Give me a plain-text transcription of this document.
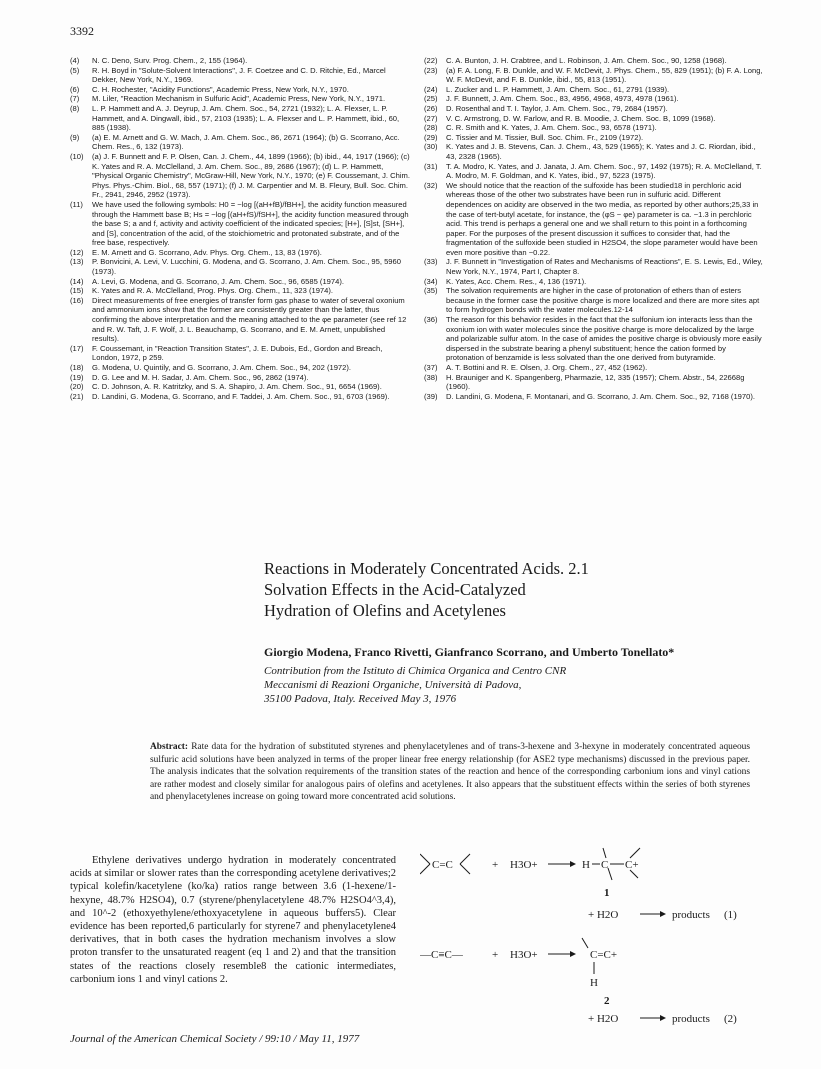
3392
(4)	N. C. Deno, Surv. Prog. Chem., 2, 155 (1964).
(5)	R. H. Boyd in "Solute-Solvent Interactions", J. F. Coetzee and C. D. Ritchie, Ed., Marcel Dekker, New York, N.Y., 1969.
(6)	C. H. Rochester, "Acidity Functions", Academic Press, New York, N.Y., 1970.
(7)	M. Liler, "Reaction Mechanism in Sulfuric Acid", Academic Press, New York, N.Y., 1971.
(8)	L. P. Hammett and A. J. Deyrup, J. Am. Chem. Soc., 54, 2721 (1932); L. A. Flexser, L. P. Hammett, and A. Dingwall, ibid., 57, 2103 (1935); L. A. Flexser and L. P. Hammett, ibid., 60, 885 (1938).
(9)	(a) E. M. Arnett and G. W. Mach, J. Am. Chem. Soc., 86, 2671 (1964); (b) G. Scorrano, Acc. Chem. Res., 6, 132 (1973).
(10)	(a) J. F. Bunnett and F. P. Olsen, Can. J. Chem., 44, 1899 (1966); (b) ibid., 44, 1917 (1966); (c) K. Yates and R. A. McClelland, J. Am. Chem. Soc., 89, 2686 (1967); (d) L. P. Hammett, "Physical Organic Chemistry", McGraw-Hill, New York, N.Y., 1970; (e) F. Coussemant, J. Chim. Phys. Phys.-Chim. Biol., 68, 557 (1971); (f) J. M. Carpentier and M. B. Fleury, Bull. Soc. Chim. Fr., 2941, 2946, 2952 (1973).
(11)	We have used the following symbols: H0 = −log [(aH+fB)/fBH+], the acidity function measured through the Hammett base B; Hs = −log [(aH+fS)/fSH+], the acidity function measured through the base S; a and f, activity and activity coefficient of the indicated species; [H+], [S]st, [SH+], and [S], concentration of the acid, of the stoichiometric and protonated substrate, and of the free base, respectively.
(12)	E. M. Arnett and G. Scorrano, Adv. Phys. Org. Chem., 13, 83 (1976).
(13)	P. Bonvicini, A. Levi, V. Lucchini, G. Modena, and G. Scorrano, J. Am. Chem. Soc., 95, 5960 (1973).
(14)	A. Levi, G. Modena, and G. Scorrano, J. Am. Chem. Soc., 96, 6585 (1974).
(15)	K. Yates and R. A. McClelland, Prog. Phys. Org. Chem., 11, 323 (1974).
(16)	Direct measurements of free energies of transfer form gas phase to water of several oxonium and ammonium ions show that the former are consistently greater than the latter, thus confirming the above interpretation and the meaning attached to the φe parameter (see ref 12 and R. W. Taft, J. F. Wolf, J. L. Beauchamp, G. Scorrano, and E. M. Arnett, unpublished results).
(17)	F. Coussemant, in "Reaction Transition States", J. E. Dubois, Ed., Gordon and Breach, London, 1972, p 259.
(18)	G. Modena, U. Quintily, and G. Scorrano, J. Am. Chem. Soc., 94, 202 (1972).
(19)	D. G. Lee and M. H. Sadar, J. Am. Chem. Soc., 96, 2862 (1974).
(20)	C. D. Johnson, A. R. Katritzky, and S. A. Shapiro, J. Am. Chem. Soc., 91, 6654 (1969).
(21)	D. Landini, G. Modena, G. Scorrano, and F. Taddei, J. Am. Chem. Soc., 91, 6703 (1969).
(22)	C. A. Bunton, J. H. Crabtree, and L. Robinson, J. Am. Chem. Soc., 90, 1258 (1968).
(23)	(a) F. A. Long, F. B. Dunkle, and W. F. McDevit, J. Phys. Chem., 55, 829 (1951); (b) F. A. Long, W. F. McDevit, and F. B. Dunkle, ibid., 55, 813 (1951).
(24)	L. Zucker and L. P. Hammett, J. Am. Chem. Soc., 61, 2791 (1939).
(25)	J. F. Bunnett, J. Am. Chem. Soc., 83, 4956, 4968, 4973, 4978 (1961).
(26)	D. Rosenthal and T. I. Taylor, J. Am. Chem. Soc., 79, 2684 (1957).
(27)	V. C. Armstrong, D. W. Farlow, and R. B. Moodie, J. Chem. Soc. B, 1099 (1968).
(28)	C. R. Smith and K. Yates, J. Am. Chem. Soc., 93, 6578 (1971).
(29)	C. Tissier and M. Tissier, Bull. Soc. Chim. Fr., 2109 (1972).
(30)	K. Yates and J. B. Stevens, Can. J. Chem., 43, 529 (1965); K. Yates and J. C. Riordan, ibid., 43, 2328 (1965).
(31)	T. A. Modro, K. Yates, and J. Janata, J. Am. Chem. Soc., 97, 1492 (1975); R. A. McClelland, T. A. Modro, M. F. Goldman, and K. Yates, ibid., 97, 5223 (1975).
(32)	We should notice that the reaction of the sulfoxide has been studied18 in perchloric acid whereas those of the other two substrates have been run in sulfuric acid. Different dependences on acidity are observed in the two media, as reported by other authors;25,33 in the case of tert-butyl acetate, for instance, the (φS − φe) parameter is ca. −1.3 in perchloric acid. This trend is perhaps a general one and we shall return to this point in a forthcoming paper. For the purposes of the present discussion it suffices to consider that, had the fragmentation of the sulfoxide been studied in H2SO4, the slope parameter would have been even more positive than −0.22.
(33)	J. F. Bunnett in "Investigation of Rates and Mechanisms of Reactions", E. S. Lewis, Ed., Wiley, New York, N.Y., 1974, Part I, Chapter 8.
(34)	K. Yates, Acc. Chem. Res., 4, 136 (1971).
(35)	The solvation requirements are higher in the case of protonation of ethers than of esters because in the former case the positive charge is more localized and there are more sites apt to form hydrogen bonds with the water molecules.12-14
(36)	The reason for this behavior resides in the fact that the sulfonium ion interacts less than the oxonium ion with water molecules since the positive charge is more delocalized by the large and polarizable sulfur atom. In the case of amides the positive charge is obviously more easily dispersed in the substrate bearing a phenyl substituent; hence the cation formed by protonation of benzamide is less solvated than the one derived from butyramide.
(37)	A. T. Bottini and R. E. Olsen, J. Org. Chem., 27, 452 (1962).
(38)	H. Brauniger and K. Spangenberg, Pharmazie, 12, 335 (1957); Chem. Abstr., 54, 22668g (1960).
(39)	D. Landini, G. Modena, F. Montanari, and G. Scorrano, J. Am. Chem. Soc., 92, 7168 (1970).
Reactions in Moderately Concentrated Acids. 2.1
Solvation Effects in the Acid-Catalyzed
Hydration of Olefins and Acetylenes
Giorgio Modena, Franco Rivetti, Gianfranco Scorrano, and Umberto Tonellato*
Contribution from the Istituto di Chimica Organica and Centro CNR
Meccanismi di Reazioni Organiche, Università di Padova,
35100 Padova, Italy. Received May 3, 1976
Abstract: Rate data for the hydration of substituted styrenes and phenylacetylenes and of trans-3-hexene and 3-hexyne in moderately concentrated aqueous sulfuric acid solutions have been analyzed in terms of the proper linear free energy relationship (for ASE2 type mechanisms) discussed in the previous paper. The analysis indicates that the solvation requirements of the transition states of the reaction and hence of the corresponding carbonium ions and vinyl cations are rather modest and closely similar for analogous pairs of olefins and acetylenes. It also appears that the substituent effects within the series of both styrenes and phenylacetylenes increase on going toward more concentrated acid solutions.
Ethylene derivatives undergo hydration in moderately concentrated acids at similar or slower rates than the corresponding acetylene derivatives;2 typical kolefin/kacetylene (ko/ka) ratios range between 3.6 (1-hexene/1-hexyne, 48.7% H2SO4), 0.7 (styrene/phenylacetylene 48.7% H2SO4^3,4), and 10^-2 (ethoxyethylene/ethoxyacetylene in aqueous buffers5). Clear evidence has been reported,6 particularly for styrene7 and phenylacetylene4 derivatives, that in both cases the hydration mechanism involves a slow proton transfer to the unsaturated reagent (eq 1 and 2) and that the transition states of the reactions closely resemble8 the cationic intermediates, carbonium ions 1 and vinyl cations 2.
C=C	+ H3O+	H C C+
1
+ H2O	products (1)
—C≡C—	+ H3O+	C=C+
H
2
+ H2O	products (2)
Journal of the American Chemical Society / 99:10 / May 11, 1977
